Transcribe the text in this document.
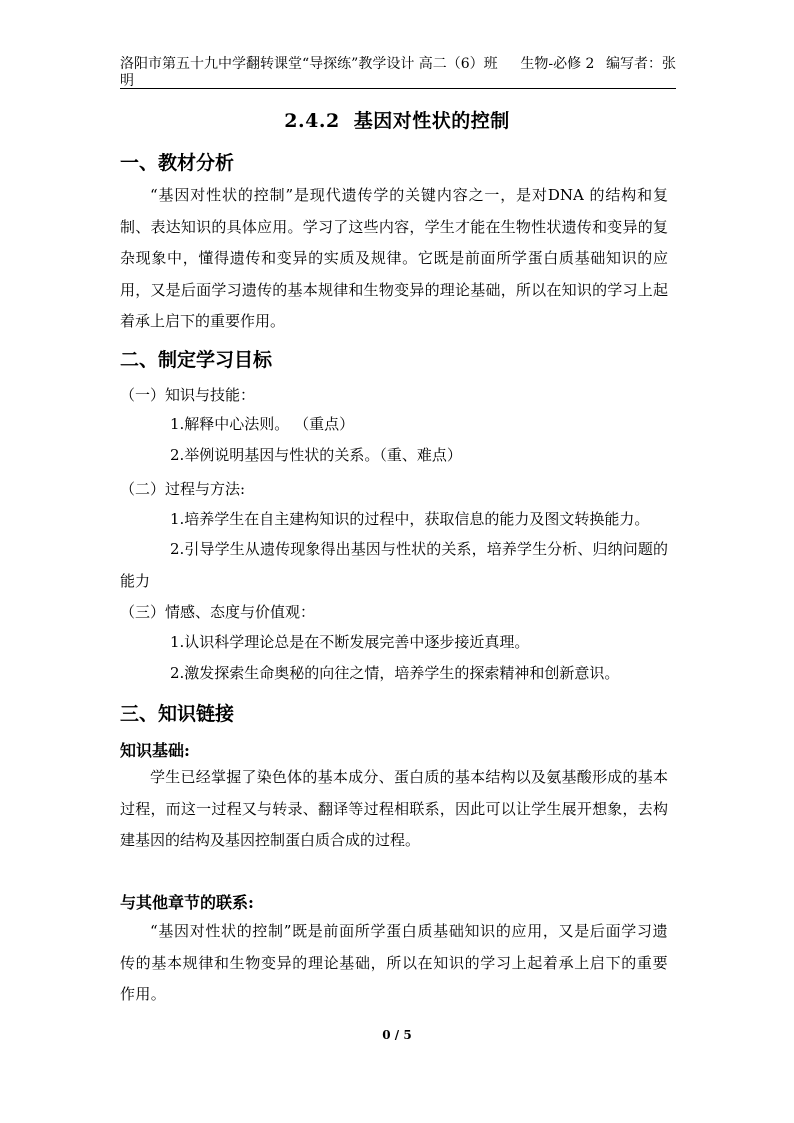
洛阳市第五十九中学翻转课堂“导探练”教学设计 高二（6）班	生物-必修 2 编写者：张
明
2.4.2 基因对性状的控制
一、教材分析
“基因对性状的控制”是现代遗传学的关键内容之一，是对DNA 的结构和复制、表达知识的具体应用。学习了这些内容，学生才能在生物性状遗传和变异的复杂现象中，懂得遗传和变异的实质及规律。它既是前面所学蛋白质基础知识的应用，又是后面学习遗传的基本规律和生物变异的理论基础，所以在知识的学习上起着承上启下的重要作用。
二、制定学习目标
（一）知识与技能：
1.解释中心法则。 （重点）
2.举例说明基因与性状的关系。（重、难点）
（二）过程与方法:
1.培养学生在自主建构知识的过程中，获取信息的能力及图文转换能力。
2.引导学生从遗传现象得出基因与性状的关系，培养学生分析、归纳问题的能力
（三）情感、态度与价值观：
1.认识科学理论总是在不断发展完善中逐步接近真理。
2.激发探索生命奥秘的向往之情，培养学生的探索精神和创新意识。
三、知识链接
知识基础:
学生已经掌握了染色体的基本成分、蛋白质的基本结构以及氨基酸形成的基本过程，而这一过程又与转录、翻译等过程相联系，因此可以让学生展开想象，去构建基因的结构及基因控制蛋白质合成的过程。
与其他章节的联系:
“基因对性状的控制”既是前面所学蛋白质基础知识的应用，又是后面学习遗传的基本规律和生物变异的理论基础，所以在知识的学习上起着承上启下的重要作用。
0 / 5
